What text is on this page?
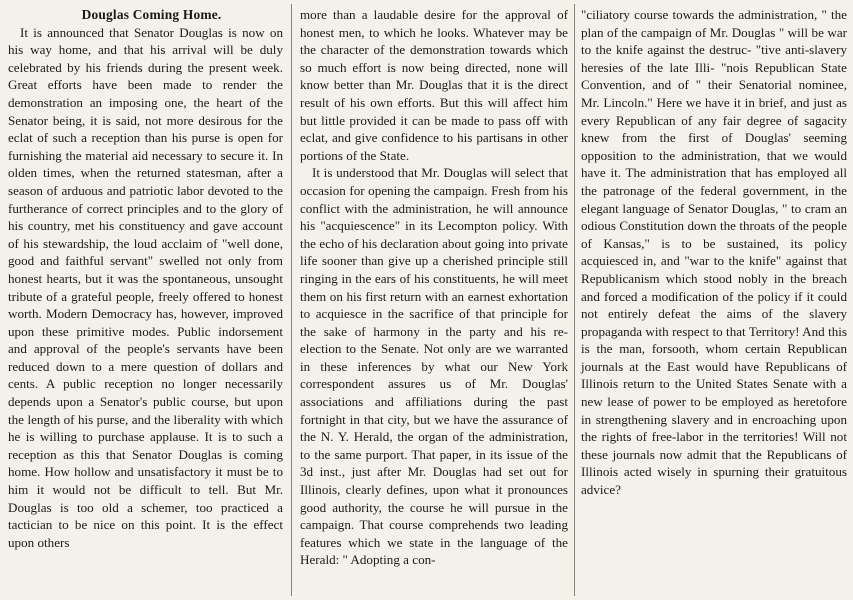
Douglas Coming Home.

It is announced that Senator Douglas is now on his way home, and that his arrival will be duly celebrated by his friends during the present week. Great efforts have been made to render the demonstration an imposing one, the heart of the Senator being, it is said, not more desirous for the eclat of such a reception than his purse is open for furnishing the material aid necessary to secure it. In olden times, when the returned statesman, after a season of arduous and patriotic labor devoted to the furtherance of correct principles and to the glory of his country, met his constituency and gave account of his stewardship, the loud acclaim of "well done, good and faithful servant" swelled not only from honest hearts, but it was the spontaneous, unsought tribute of a grateful people, freely offered to honest worth. Modern Democracy has, however, improved upon these primitive modes. Public indorsement and approval of the people's servants have been reduced down to a mere question of dollars and cents. A public reception no longer necessarily depends upon a Senator's public course, but upon the length of his purse, and the liberality with which he is willing to purchase applause. It is to such a reception as this that Senator Douglas is coming home. How hollow and unsatisfactory it must be to him it would not be difficult to tell. But Mr. Douglas is too old a schemer, too practiced a tactician to be nice on this point. It is the effect upon others

more than a laudable desire for the approval of honest men, to which he looks. Whatever may be the character of the demonstration towards which so much effort is now being directed, none will know better than Mr. Douglas that it is the direct result of his own efforts. But this will affect him but little provided it can be made to pass off with eclat, and give confidence to his partisans in other portions of the State.

It is understood that Mr. Douglas will select that occasion for opening the campaign. Fresh from his conflict with the administration, he will announce his "acquiescence" in its Lecompton policy. With the echo of his declaration about going into private life sooner than give up a cherished principle still ringing in the ears of his constituents, he will meet them on his first return with an earnest exhortation to acquiesce in the sacrifice of that principle for the sake of harmony in the party and his re-election to the Senate. Not only are we warranted in these inferences by what our New York correspondent assures us of Mr. Douglas' associations and affiliations during the past fortnight in that city, but we have the assurance of the N. Y. Herald, the organ of the administration, to the same purport. That paper, in its issue of the 3d inst., just after Mr. Douglas had set out for Illinois, clearly defines, upon what it pronounces good authority, the course he will pursue in the campaign. That course comprehends two leading features which we state in the language of the Herald: " Adopting a con-

"ciliatory course towards the administration, " the plan of the campaign of Mr. Douglas " will be war to the knife against the destruc- "tive anti-slavery heresies of the late Illi- "nois Republican State Convention, and of " their Senatorial nominee, Mr. Lincoln." Here we have it in brief, and just as every Republican of any fair degree of sagacity knew from the first of Douglas' seeming opposition to the administration, that we would have it. The administration that has employed all the patronage of the federal government, in the elegant language of Senator Douglas, " to cram an odious Constitution down the throats of the people of Kansas," is to be sustained, its policy acquiesced in, and "war to the knife" against that Republicanism which stood nobly in the breach and forced a modification of the policy if it could not entirely defeat the aims of the slavery propaganda with respect to that Territory! And this is the man, forsooth, whom certain Republican journals at the East would have Republicans of Illinois return to the United States Senate with a new lease of power to be employed as heretofore in strengthening slavery and in encroaching upon the rights of free-labor in the territories! Will not these journals now admit that the Republicans of Illinois acted wisely in spurning their gratuitous advice?
